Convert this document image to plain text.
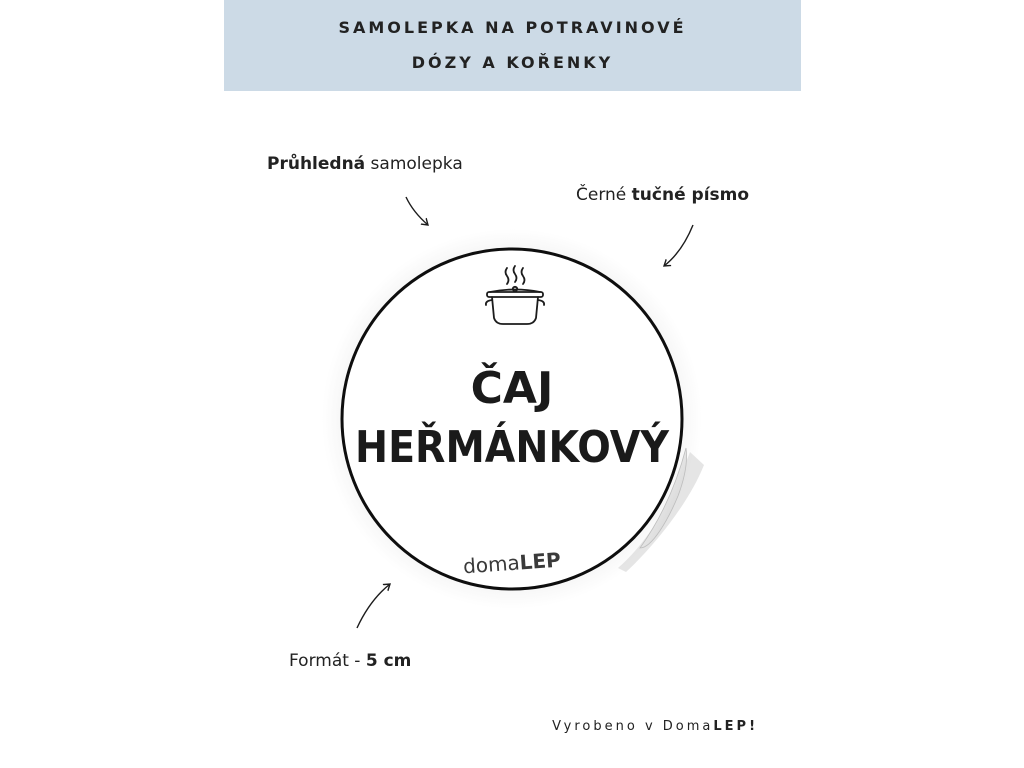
SAMOLEPKA NA POTRAVINOVÉ
DÓZY A KOŘENKY
Průhledná samolepka
Černé tučné písmo
Formát - 5 cm
ČAJ
HEŘMÁNKOVÝ
domaLEP
Vyrobeno v DomaLEP!
